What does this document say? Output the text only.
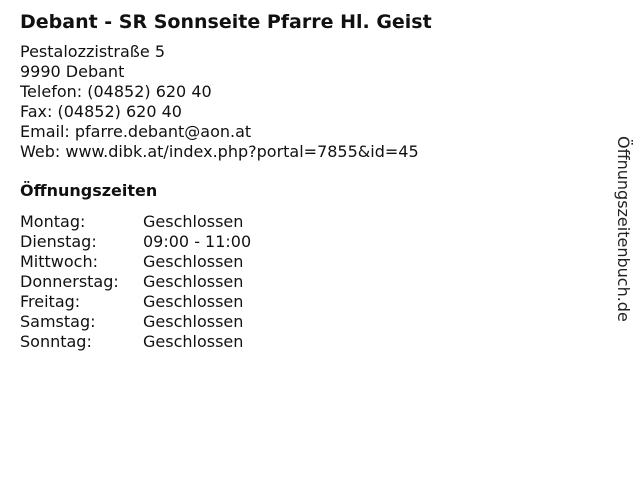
Debant - SR Sonnseite Pfarre Hl. Geist
Pestalozzistraße 5
9990 Debant
Telefon: (04852) 620 40
Fax: (04852) 620 40
Email: pfarre.debant@aon.at
Web: www.dibk.at/index.php?portal=7855&id=45
Öffnungszeiten
Montag:	Geschlossen
Dienstag:	09:00 - 11:00
Mittwoch:	Geschlossen
Donnerstag:	Geschlossen
Freitag:	Geschlossen
Samstag:	Geschlossen
Sonntag:	Geschlossen
Öffnungszeitenbuch.de
